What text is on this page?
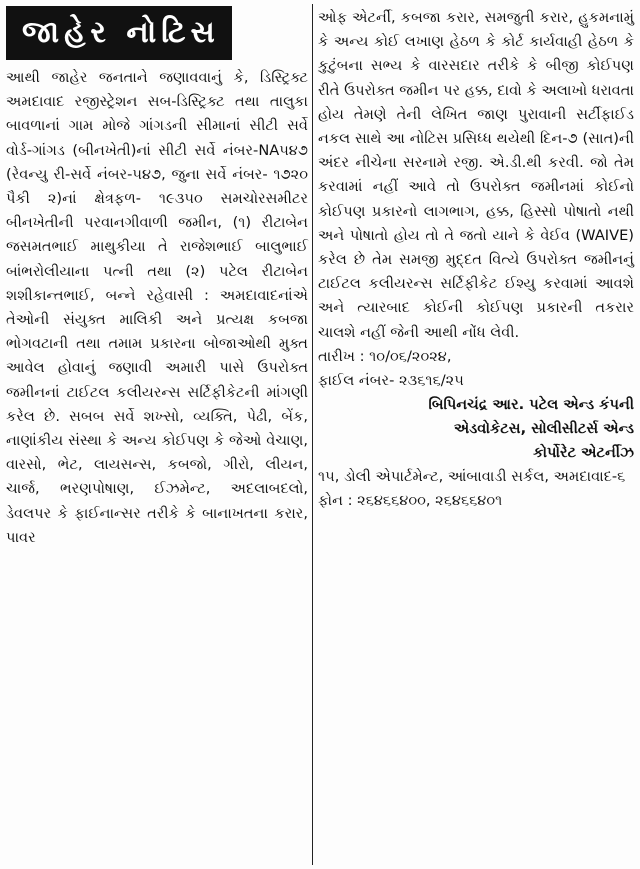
જાહેર નોટિસ

આથી જાહેર જનતાને જણાવવાનું કે, ડિસ્ટ્રિક્ટ અમદાવાદ રજીસ્ટ્રેશન સબ-ડિસ્ટ્રિક્ટ તથા તાલુકા બાવળાનાં ગામ મોજે ગાંગડની સીમાનાં સીટી સર્વે વોર્ડ-ગાંગડ (બીનખેતી)નાં સીટી સર્વે નંબર-NA૫૪૭ (રેવન્યુ રી-સર્વે નંબર-૫૪૭, જુના સર્વે નંબર- ૧૭૨૦ પૈકી ૨)નાં ક્ષેત્રફળ- ૧૯૩૫૦ સમચોરસમીટર બીનખેતીની પરવાનગીવાળી જમીન, (૧) રીટાબેન જસમતભાઈ માથુકીયા તે રાજેશભાઈ બાલુભાઈ બાંભરોલીયાના પત્ની તથા (૨) પટેલ રીટાબેન શશીકાન્તભાઈ, બન્ને રહેવાસી : અમદાવાદનાંએ તેઓની સંયુક્ત માલિકી અને પ્રત્યક્ષ કબજા ભોગવટાની તથા તમામ પ્રકારના બોજાઓથી મુક્ત આવેલ હોવાનું જણાવી અમારી પાસે ઉપરોક્ત જમીનનાં ટાઈટલ કલીયરન્સ સર્ટિફીકેટની માંગણી કરેલ છે. સબબ સર્વે શખ્સો, વ્યક્તિ, પેઢી, બેંક, નાણાંકીય સંસ્થા કે અન્ય કોઈપણ કે જેઓ વેચાણ, વારસો, ભેટ, લાયસન્સ, કબજો, ગીરો, લીયન, ચાર્જ, ભરણપોષાણ, ઈઝમેન્ટ, અદલાબદલો, ડેવલપર કે ફાઈનાન્સર તરીકે કે બાનાખતના કરાર, પાવર

ઓફ એટર્ની, કબજા કરાર, સમજુતી કરાર, હુકમનામું કે અન્ય કોઈ લખાણ હેઠળ કે કોર્ટ કાર્યવાહી હેઠળ કે કુટુંબના સભ્ય કે વારસદાર તરીકે કે બીજી કોઈપણ રીતે ઉપરોક્ત જમીન પર હક્ક, દાવો કે અલાખો ધરાવતા હોય તેમણે તેની લેખિત જાણ પુરાવાની સર્ટીફાઈડ નકલ સાથે આ નોટિસ પ્રસિધ્ધ થયેથી દિન-૭ (સાત)ની અંદર નીચેના સરનામે રજી. એ.ડી.થી કરવી. જો તેમ કરવામાં નહીં આવે તો ઉપરોક્ત જમીનમાં કોઈનો કોઈપણ પ્રકારનો લાગભાગ, હક્ક, હિસ્સો પોષાતો નથી અને પોષાતો હોય તો તે જતો યાને કે વેઈવ (WAIVE) કરેલ છે તેમ સમજી મુદ્દત વિત્યે ઉપરોક્ત જમીનનું ટાઈટલ કલીયરન્સ સર્ટિફીકેટ ઈશ્યુ કરવામાં આવશે અને ત્યારબાદ કોઈની કોઈપણ પ્રકારની તકરાર ચાલશે નહીં જેની આથી નોંધ લેવી.

તારીખ : ૧૦/૦૬/૨૦૨૪,

ફાઈલ નંબર- ૨૩૬૧૬/૨૫

બિપિનચંદ્ર આર. પટેલ એન્ડ કંપની

એડવોકેટસ, સોલીસીટર્સ એન્ડ

કોર્પોરેટ એટર્નીઝ

૧૫, ડોલી એપાર્ટમેન્ટ, આંબાવાડી સર્કલ, અમદાવાદ-૬

ફોન : ૨૬૪૬૬૪૦૦, ૨૬૪૬૬૪૦૧
